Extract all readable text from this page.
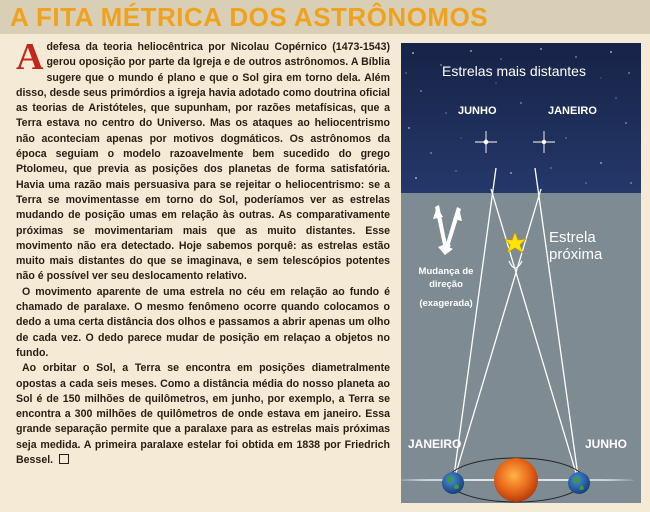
A FITA MÉTRICA DOS ASTRÔNOMOS

A defesa da teoria heliocêntrica por Nicolau Copérnico (1473-1543) gerou oposição por parte da Igreja e de outros astrônomos. A Bíblia sugere que o mundo é plano e que o Sol gira em torno dela. Além disso, desde seus primórdios a igreja havia adotado como doutrina oficial as teorias de Aristóteles, que supunham, por razões metafísicas, que a Terra estava no centro do Universo. Mas os ataques ao heliocentrismo não aconteciam apenas por motivos dogmáticos. Os astrônomos da época seguiam o modelo razoavelmente bem sucedido do grego Ptolomeu, que previa as posições dos planetas de forma satisfatória. Havia uma razão mais persuasiva para se rejeitar o heliocentrismo: se a Terra se movimentasse em torno do Sol, poderíamos ver as estrelas mudando de posição umas em relação às outras. As comparativamente próximas se movimentariam mais que as muito distantes. Esse movimento não era detectado. Hoje sabemos porquê: as estrelas estão muito mais distantes do que se imaginava, e sem telescópios potentes não é possível ver seu deslocamento relativo.

O movimento aparente de uma estrela no céu em relação ao fundo é chamado de paralaxe. O mesmo fenômeno ocorre quando colocamos o dedo a uma certa distância dos olhos e passamos a abrir apenas um olho de cada vez. O dedo parece mudar de posição em relaçao a objetos no fundo.

Ao orbitar o Sol, a Terra se encontra em posições diametralmente opostas a cada seis meses. Como a distância média do nosso planeta ao Sol é de 150 milhões de quilômetros, em junho, por exemplo, a Terra se encontra a 300 milhões de quilômetros de onde estava em janeiro. Essa grande separação permite que a paralaxe para as estrelas mais próximas seja medida. A primeira paralaxe estelar foi obtida em 1838 por Friedrich Bessel.

Estrelas mais distantes
JUNHO	JANEIRO
Estrela
próxima
Mudança de
direção
(exagerada)
JANEIRO	JUNHO
